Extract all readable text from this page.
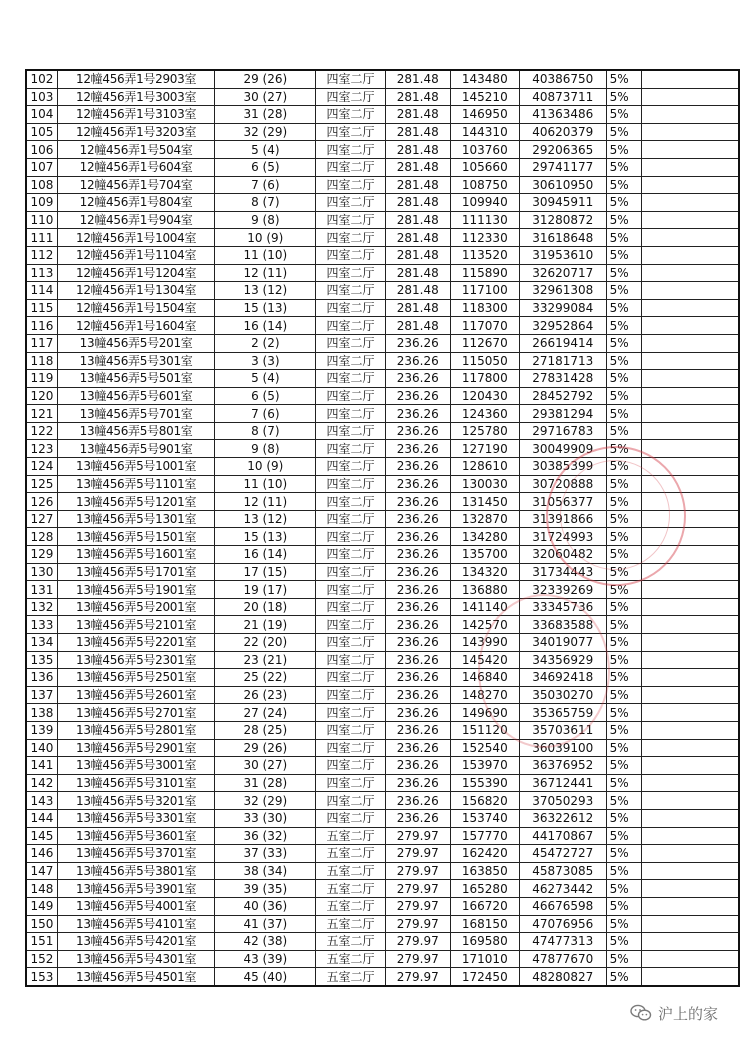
102	12幢456弄1号2903室	29 (26)	四室二厅	281.48	143480	40386750	5%	
103	12幢456弄1号3003室	30 (27)	四室二厅	281.48	145210	40873711	5%	
104	12幢456弄1号3103室	31 (28)	四室二厅	281.48	146950	41363486	5%	
105	12幢456弄1号3203室	32 (29)	四室二厅	281.48	144310	40620379	5%	
106	12幢456弄1号504室	5 (4)	四室二厅	281.48	103760	29206365	5%	
107	12幢456弄1号604室	6 (5)	四室二厅	281.48	105660	29741177	5%	
108	12幢456弄1号704室	7 (6)	四室二厅	281.48	108750	30610950	5%	
109	12幢456弄1号804室	8 (7)	四室二厅	281.48	109940	30945911	5%	
110	12幢456弄1号904室	9 (8)	四室二厅	281.48	111130	31280872	5%	
111	12幢456弄1号1004室	10 (9)	四室二厅	281.48	112330	31618648	5%	
112	12幢456弄1号1104室	11 (10)	四室二厅	281.48	113520	31953610	5%	
113	12幢456弄1号1204室	12 (11)	四室二厅	281.48	115890	32620717	5%	
114	12幢456弄1号1304室	13 (12)	四室二厅	281.48	117100	32961308	5%	
115	12幢456弄1号1504室	15 (13)	四室二厅	281.48	118300	33299084	5%	
116	12幢456弄1号1604室	16 (14)	四室二厅	281.48	117070	32952864	5%	
117	13幢456弄5号201室	2 (2)	四室二厅	236.26	112670	26619414	5%	
118	13幢456弄5号301室	3 (3)	四室二厅	236.26	115050	27181713	5%	
119	13幢456弄5号501室	5 (4)	四室二厅	236.26	117800	27831428	5%	
120	13幢456弄5号601室	6 (5)	四室二厅	236.26	120430	28452792	5%	
121	13幢456弄5号701室	7 (6)	四室二厅	236.26	124360	29381294	5%	
122	13幢456弄5号801室	8 (7)	四室二厅	236.26	125780	29716783	5%	
123	13幢456弄5号901室	9 (8)	四室二厅	236.26	127190	30049909	5%	
124	13幢456弄5号1001室	10 (9)	四室二厅	236.26	128610	30385399	5%	
125	13幢456弄5号1101室	11 (10)	四室二厅	236.26	130030	30720888	5%	
126	13幢456弄5号1201室	12 (11)	四室二厅	236.26	131450	31056377	5%	
127	13幢456弄5号1301室	13 (12)	四室二厅	236.26	132870	31391866	5%	
128	13幢456弄5号1501室	15 (13)	四室二厅	236.26	134280	31724993	5%	
129	13幢456弄5号1601室	16 (14)	四室二厅	236.26	135700	32060482	5%	
130	13幢456弄5号1701室	17 (15)	四室二厅	236.26	134320	31734443	5%	
131	13幢456弄5号1901室	19 (17)	四室二厅	236.26	136880	32339269	5%	
132	13幢456弄5号2001室	20 (18)	四室二厅	236.26	141140	33345736	5%	
133	13幢456弄5号2101室	21 (19)	四室二厅	236.26	142570	33683588	5%	
134	13幢456弄5号2201室	22 (20)	四室二厅	236.26	143990	34019077	5%	
135	13幢456弄5号2301室	23 (21)	四室二厅	236.26	145420	34356929	5%	
136	13幢456弄5号2501室	25 (22)	四室二厅	236.26	146840	34692418	5%	
137	13幢456弄5号2601室	26 (23)	四室二厅	236.26	148270	35030270	5%	
138	13幢456弄5号2701室	27 (24)	四室二厅	236.26	149690	35365759	5%	
139	13幢456弄5号2801室	28 (25)	四室二厅	236.26	151120	35703611	5%	
140	13幢456弄5号2901室	29 (26)	四室二厅	236.26	152540	36039100	5%	
141	13幢456弄5号3001室	30 (27)	四室二厅	236.26	153970	36376952	5%	
142	13幢456弄5号3101室	31 (28)	四室二厅	236.26	155390	36712441	5%	
143	13幢456弄5号3201室	32 (29)	四室二厅	236.26	156820	37050293	5%	
144	13幢456弄5号3301室	33 (30)	四室二厅	236.26	153740	36322612	5%	
145	13幢456弄5号3601室	36 (32)	五室二厅	279.97	157770	44170867	5%	
146	13幢456弄5号3701室	37 (33)	五室二厅	279.97	162420	45472727	5%	
147	13幢456弄5号3801室	38 (34)	五室二厅	279.97	163850	45873085	5%	
148	13幢456弄5号3901室	39 (35)	五室二厅	279.97	165280	46273442	5%	
149	13幢456弄5号4001室	40 (36)	五室二厅	279.97	166720	46676598	5%	
150	13幢456弄5号4101室	41 (37)	五室二厅	279.97	168150	47076956	5%	
151	13幢456弄5号4201室	42 (38)	五室二厅	279.97	169580	47477313	5%	
152	13幢456弄5号4301室	43 (39)	五室二厅	279.97	171010	47877670	5%	
153	13幢456弄5号4501室	45 (40)	五室二厅	279.97	172450	48280827	5%	
沪上的家
